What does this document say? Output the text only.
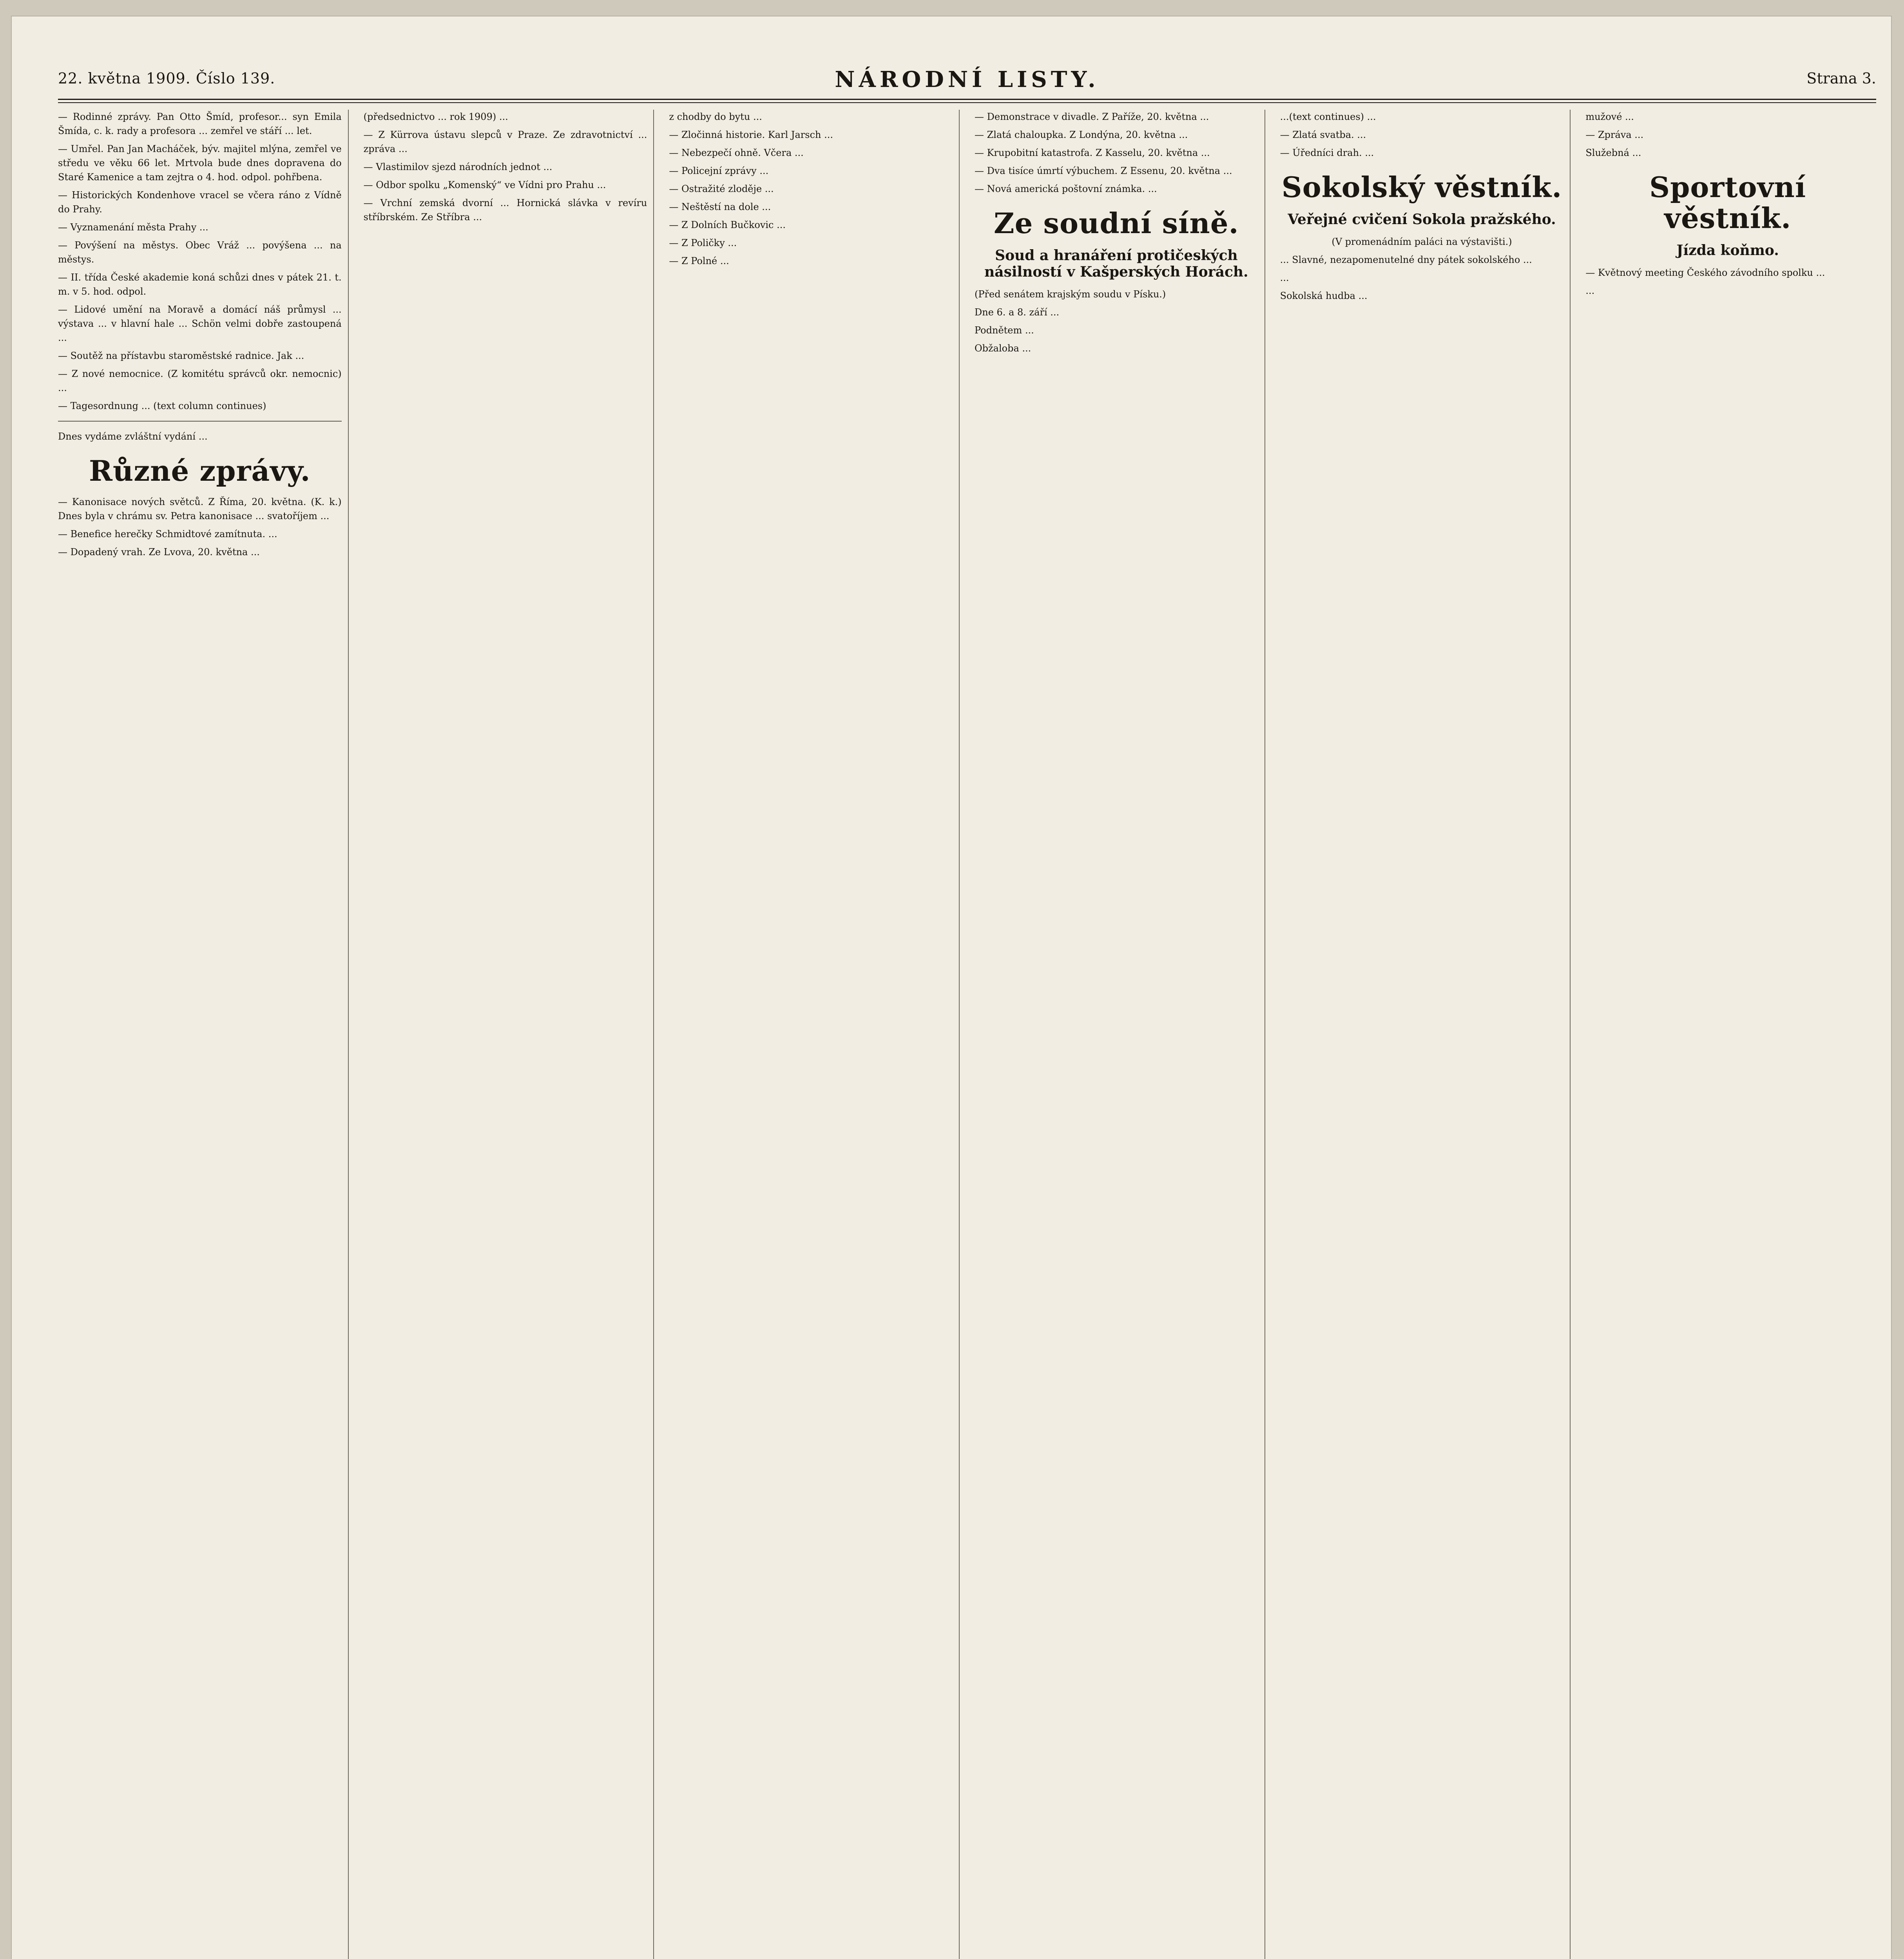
22. května 1909. Číslo 139.	NÁRODNÍ LISTY.	Strana 3.

— Rodinné zprávy. Pan Otto Šmíd, profesor... syn Emila Šmída, c. k. rady a profesora ... zemřel ve stáří ... let.

— Umřel. Pan Jan Macháček, býv. majitel mlýna, zemřel ve středu ve věku 66 let. Mrtvola bude dnes dopravena do Staré Kamenice a tam zejtra o 4. hod. odpol. pohřbena.

— Historických Kondenhove vracel se včera ráno z Vídně do Prahy.

— Vyznamenání města Prahy ...

— Povýšení na městys. Obec Vráž ... povýšena ... na městys.

— II. třída České akademie koná schůzi dnes v pátek 21. t. m. v 5. hod. odpol.

— Lidové umění na Moravě a domácí náš průmysl ... výstava ... v hlavní hale ... Schön velmi dobře zastoupená ...

— Soutěž na přístavbu staroměstské radnice. Jak ...

— Z nové nemocnice. (Z komitétu správců okr. nemocnic) ...

— Tagesordnung ... (text column continues)

Dnes vydáme zvláštní vydání ...

Různé zprávy.

— Kanonisace nových světců. Z Říma, 20. května. (K. k.) Dnes byla v chrámu sv. Petra kanonisace ... svatoříjem ...

— Benefice herečky Schmidtové zamítnuta. ...

— Dopadený vrah. Ze Lvova, 20. května ...

(předsednictvo ... rok 1909) ...

— Z Kürrova ústavu slepců v Praze. Ze zdravotnictví ... zpráva ...

— Vlastimilov sjezd národních jednot ...

— Odbor spolku „Komenský“ ve Vídni pro Prahu ...

— Vrchní zemská dvorní ... Hornická slávka v revíru stříbrském. Ze Stříbra ...

z chodby do bytu ...

— Zločinná historie. Karl Jarsch ...

— Nebezpečí ohně. Včera ...

— Policejní zprávy ...

— Ostražité zloděje ...

— Neštěstí na dole ...

— Z Dolních Bučkovic ...

— Z Poličky ...

— Z Polné ...

— Demonstrace v divadle. Z Paříže, 20. května ...

— Zlatá chaloupka. Z Londýna, 20. května ...

— Krupobitní katastrofa. Z Kasselu, 20. května ...

— Dva tisíce úmrtí výbuchem. Z Essenu, 20. května ...

— Nová americká poštovní známka. ...

Ze soudní síně.
Soud a hranáření protičeských násilností v Kašperských Horách.

(Před senátem krajským soudu v Písku.)

Dne 6. a 8. září ...

Podnětem ...

Obžaloba ...

...(text continues) ...

— Zlatá svatba. ...

— Úředníci drah. ...

Sokolský věstník.
Veřejné cvičení Sokola pražského.

(V promenádním paláci na výstavišti.)

... Slavné, nezapomenutelné dny pátek sokolského ...

...

Sokolská hudba ...

mužové ...

— Zpráva ...

Služebná ...

Sportovní věstník.
Jízda koňmo.

— Květnový meeting Českého závodního spolku ...

...
